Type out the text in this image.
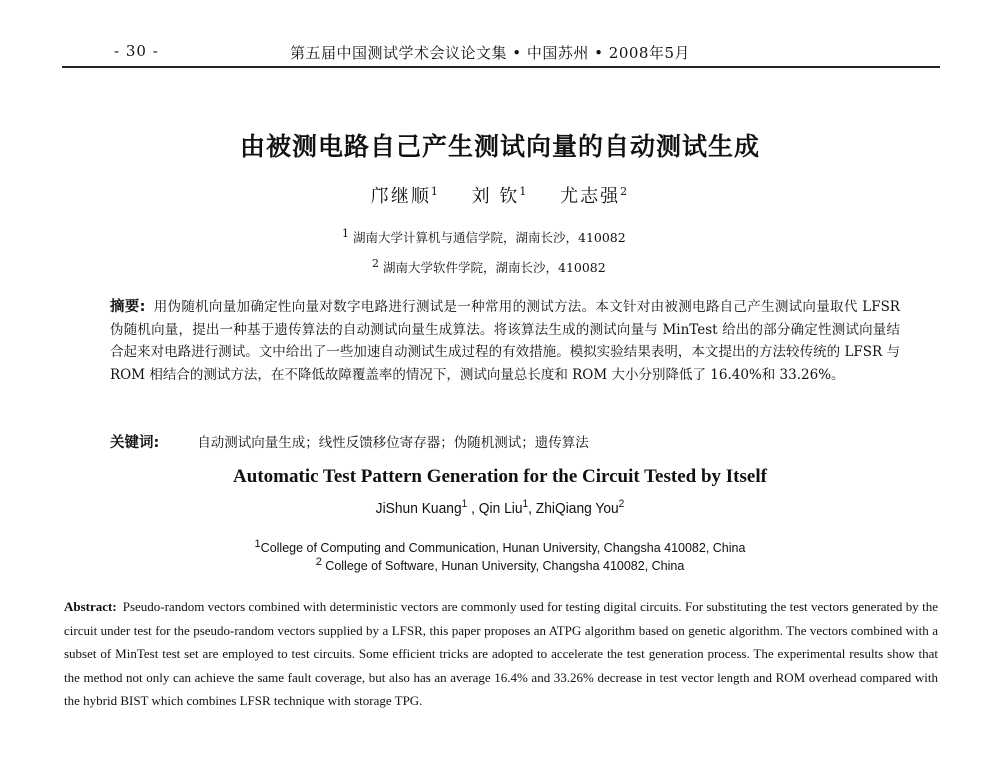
- 30 -	第五届中国测试学术会议论文集 • 中国苏州 • 2008年5月
由被测电路自己产生测试向量的自动测试生成
邝继顺$^1$ 刘 钦$^1$ 尤志强$^2$
$^1$ 湖南大学计算机与通信学院，湖南长沙，410082
$^2$ 湖南大学软件学院，湖南长沙，410082
摘要: 用伪随机向量加确定性向量对数字电路进行测试是一种常用的测试方法。本文针对由被测电路自己产生测试向量取代 LFSR 伪随机向量，提出一种基于遗传算法的自动测试向量生成算法。将该算法生成的测试向量与 MinTest 给出的部分确定性测试向量结合起来对电路进行测试。文中给出了一些加速自动测试生成过程的有效措施。模拟实验结果表明，本文提出的方法较传统的 LFSR 与 ROM 相结合的测试方法，在不降低故障覆盖率的情况下，测试向量总长度和 ROM 大小分别降低了 16.40%和 33.26%。
关键词:	自动测试向量生成；线性反馈移位寄存器；伪随机测试；遗传算法
Automatic Test Pattern Generation for the Circuit Tested by Itself
JiShun Kuang$^1$ , Qin Liu$^1$, ZhiQiang You$^2$
$^1$College of Computing and Communication, Hunan University, Changsha 410082, China
$^2$ College of Software, Hunan University, Changsha 410082, China
Abstract: Pseudo-random vectors combined with deterministic vectors are commonly used for testing digital circuits. For substituting the test vectors generated by the circuit under test for the pseudo-random vectors supplied by a LFSR, this paper proposes an ATPG algorithm based on genetic algorithm. The vectors combined with a subset of MinTest test set are employed to test circuits. Some efficient tricks are adopted to accelerate the test generation process. The experimental results show that the method not only can achieve the same fault coverage, but also has an average 16.4% and 33.26% decrease in test vector length and ROM overhead compared with the hybrid BIST which combines LFSR technique with storage TPG.
